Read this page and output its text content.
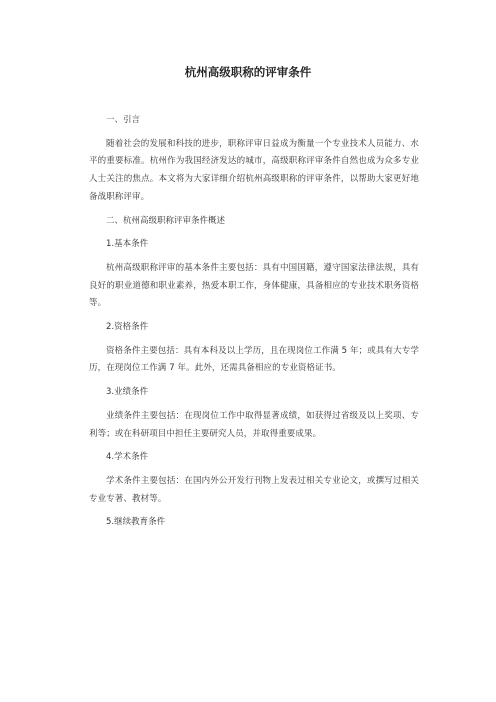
杭州高级职称的评审条件

一、引言

随着社会的发展和科技的进步，职称评审日益成为衡量一个专业技术人员能力、水平的重要标准。杭州作为我国经济发达的城市，高级职称评审条件自然也成为众多专业人士关注的焦点。本文将为大家详细介绍杭州高级职称的评审条件，以帮助大家更好地备战职称评审。

二、杭州高级职称评审条件概述

1.基本条件

杭州高级职称评审的基本条件主要包括：具有中国国籍，遵守国家法律法规，具有良好的职业道德和职业素养，热爱本职工作，身体健康，具备相应的专业技术职务资格等。

2.资格条件

资格条件主要包括：具有本科及以上学历，且在现岗位工作满 5 年；或具有大专学历，在现岗位工作满 7 年。此外，还需具备相应的专业资格证书。

3.业绩条件

业绩条件主要包括：在现岗位工作中取得显著成绩，如获得过省级及以上奖项、专利等；或在科研项目中担任主要研究人员，并取得重要成果。

4.学术条件

学术条件主要包括：在国内外公开发行刊物上发表过相关专业论文，或撰写过相关专业专著、教材等。

5.继续教育条件
